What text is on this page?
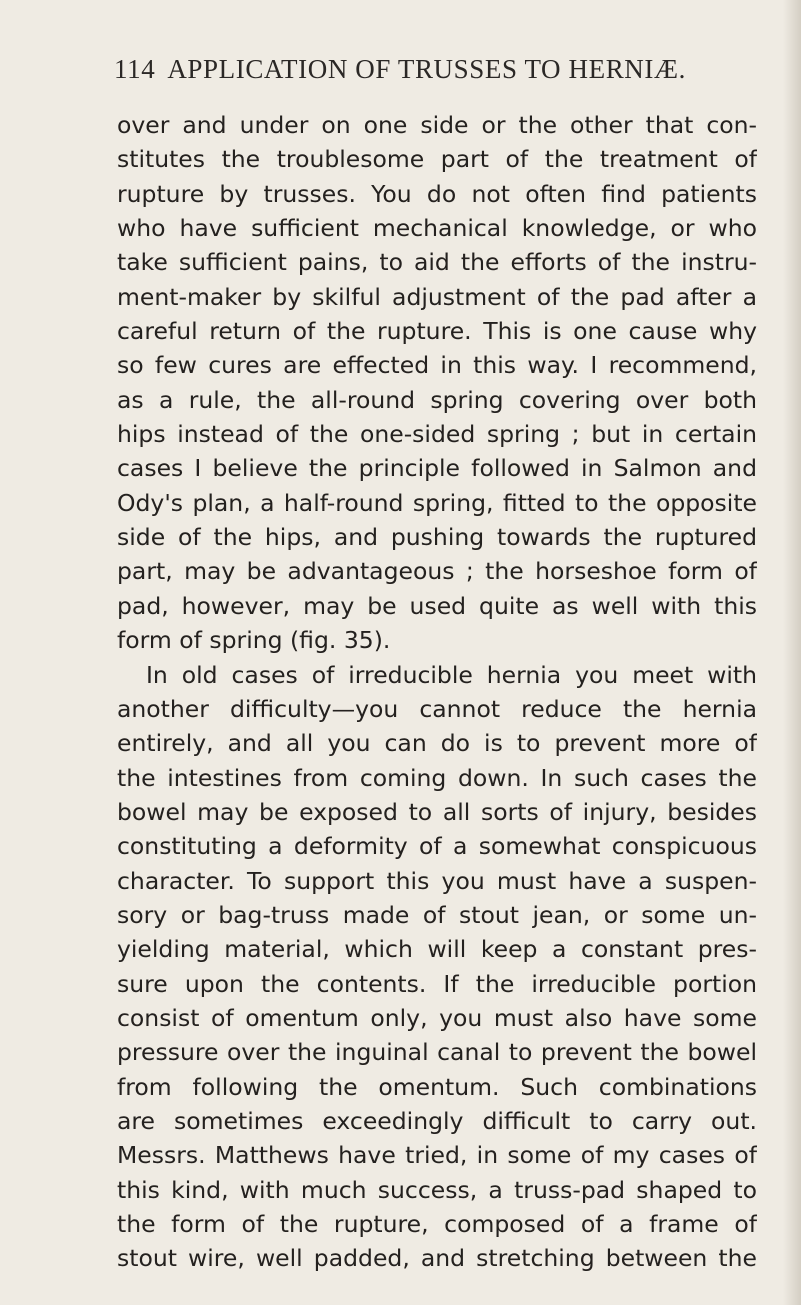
114 APPLICATION OF TRUSSES TO HERNIÆ.
over and under on one side or the other that con-
stitutes the troublesome part of the treatment of
rupture by trusses. You do not often find patients
who have sufficient mechanical knowledge, or who
take sufficient pains, to aid the efforts of the instru-
ment-maker by skilful adjustment of the pad after a
careful return of the rupture. This is one cause why
so few cures are effected in this way. I recommend,
as a rule, the all-round spring covering over both
hips instead of the one-sided spring ; but in certain
cases I believe the principle followed in Salmon and
Ody's plan, a half-round spring, fitted to the opposite
side of the hips, and pushing towards the ruptured
part, may be advantageous ; the horseshoe form of
pad, however, may be used quite as well with this
form of spring (fig. 35).
In old cases of irreducible hernia you meet with
another difficulty—you cannot reduce the hernia
entirely, and all you can do is to prevent more of
the intestines from coming down. In such cases the
bowel may be exposed to all sorts of injury, besides
constituting a deformity of a somewhat conspicuous
character. To support this you must have a suspen-
sory or bag-truss made of stout jean, or some un-
yielding material, which will keep a constant pres-
sure upon the contents. If the irreducible portion
consist of omentum only, you must also have some
pressure over the inguinal canal to prevent the bowel
from following the omentum. Such combinations
are sometimes exceedingly difficult to carry out.
Messrs. Matthews have tried, in some of my cases of
this kind, with much success, a truss-pad shaped to
the form of the rupture, composed of a frame of
stout wire, well padded, and stretching between the
